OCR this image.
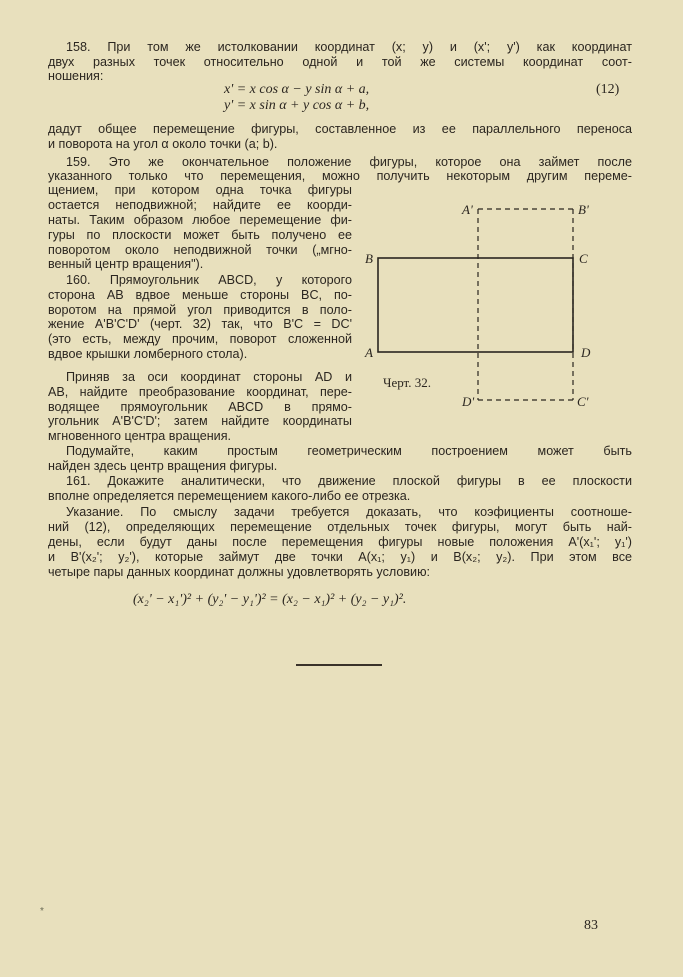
158. При том же истолковании координат (x; y) и (x'; y') как координат
двух разных точек относительно одной и той же системы координат соот-
ношения:
x' = x cos α − y sin α + a,
y' = x sin α + y cos α + b,
(12)
дадут общее перемещение фигуры, составленное из ее параллельного переноса
и поворота на угол α около точки (a; b).
159. Это же окончательное положение фигуры, которое она займет после
указанного только что перемещения, можно получить некоторым другим переме-
щением, при котором одна точка фигуры
остается неподвижной; найдите ее коорди-
наты. Таким образом любое перемещение фи-
гуры по плоскости может быть получено ее
поворотом около неподвижной точки („мгно-
венный центр вращения").
160. Прямоугольник ABCD, у которого
сторона AB вдвое меньше стороны BC, по-
воротом на прямой угол приводится в поло-
жение A'B'C'D' (черт. 32) так, что B'C = DC'
(это есть, между прочим, поворот сложенной
вдвое крышки ломберного стола).
Приняв за оси координат стороны AD и
AB, найдите преобразование координат, пере-
водящее прямоугольник ABCD в прямо-
угольник A'B'C'D'; затем найдите координаты
мгновенного центра вращения.
Подумайте, каким простым геометрическим построением может быть
найден здесь центр вращения фигуры.
A'	B'
B	C
A	D
D'	C'
Черт. 32.
161. Докажите аналитически, что движение плоской фигуры в ее плоскости
вполне определяется перемещением какого-либо ее отрезка.
Указание. По смыслу задачи требуется доказать, что коэфициенты соотноше-
ний (12), определяющих перемещение отдельных точек фигуры, могут быть най-
дены, если будут даны после перемещения фигуры новые положения A'(x₁'; y₁')
и B'(x₂'; y₂'), которые займут две точки A(x₁; y₁) и B(x₂; y₂). При этом все
четыре пары данных координат должны удовлетворять условию:
(x₂' − x₁')² + (y₂' − y₁')² = (x₂ − x₁)² + (y₂ − y₁)².
*
83
